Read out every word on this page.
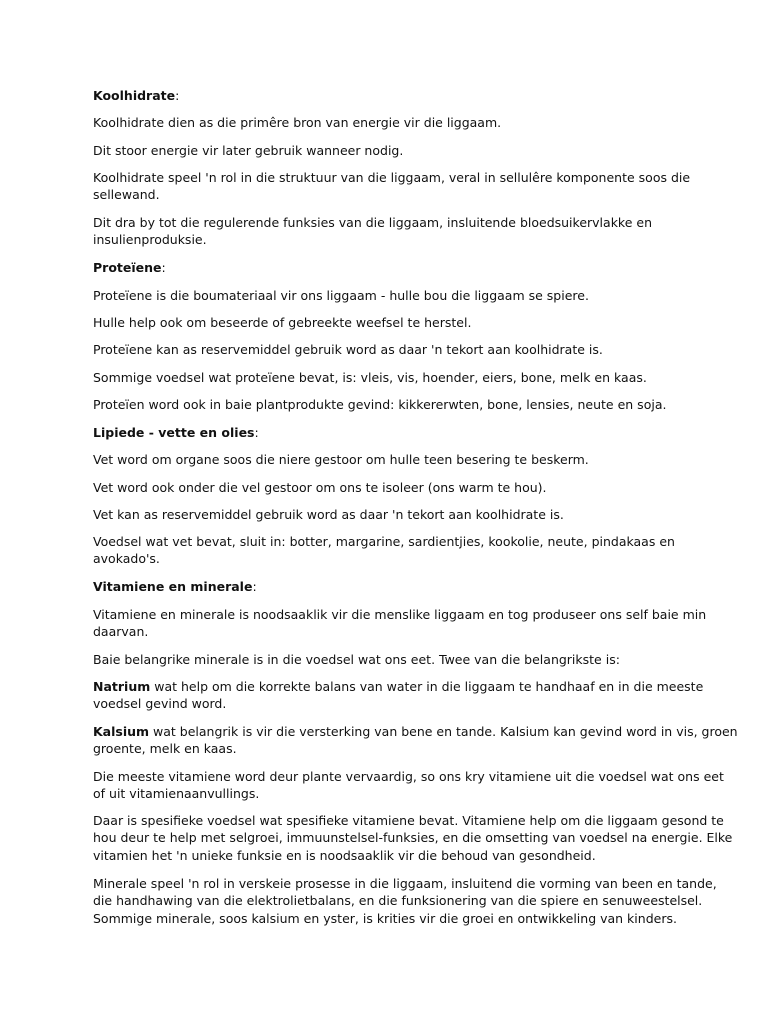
Koolhidrate:
Koolhidrate dien as die primêre bron van energie vir die liggaam.
Dit stoor energie vir later gebruik wanneer nodig.
Koolhidrate speel 'n rol in die struktuur van die liggaam, veral in sellulêre komponente soos die
sellewand.
Dit dra by tot die regulerende funksies van die liggaam, insluitende bloedsuikervlakke en
insulienproduksie.
Proteïene:
Proteïene is die boumateriaal vir ons liggaam - hulle bou die liggaam se spiere.
Hulle help ook om beseerde of gebreekte weefsel te herstel.
Proteïene kan as reservemiddel gebruik word as daar 'n tekort aan koolhidrate is.
Sommige voedsel wat proteïene bevat, is: vleis, vis, hoender, eiers, bone, melk en kaas.
Proteïen word ook in baie plantprodukte gevind: kikkererwten, bone, lensies, neute en soja.
Lipiede - vette en olies:
Vet word om organe soos die niere gestoor om hulle teen besering te beskerm.
Vet word ook onder die vel gestoor om ons te isoleer (ons warm te hou).
Vet kan as reservemiddel gebruik word as daar 'n tekort aan koolhidrate is.
Voedsel wat vet bevat, sluit in: botter, margarine, sardientjies, kookolie, neute, pindakaas en
avokado's.
Vitamiene en minerale:
Vitamiene en minerale is noodsaaklik vir die menslike liggaam en tog produseer ons self baie min
daarvan.
Baie belangrike minerale is in die voedsel wat ons eet. Twee van die belangrikste is:
Natrium wat help om die korrekte balans van water in die liggaam te handhaaf en in die meeste
voedsel gevind word.
Kalsium wat belangrik is vir die versterking van bene en tande. Kalsium kan gevind word in vis, groen
groente, melk en kaas.
Die meeste vitamiene word deur plante vervaardig, so ons kry vitamiene uit die voedsel wat ons eet
of uit vitamienaanvullings.
Daar is spesifieke voedsel wat spesifieke vitamiene bevat. Vitamiene help om die liggaam gesond te
hou deur te help met selgroei, immuunstelsel-funksies, en die omsetting van voedsel na energie. Elke
vitamien het 'n unieke funksie en is noodsaaklik vir die behoud van gesondheid.
Minerale speel 'n rol in verskeie prosesse in die liggaam, insluitend die vorming van been en tande,
die handhawing van die elektrolietbalans, en die funksionering van die spiere en senuweestelsel.
Sommige minerale, soos kalsium en yster, is krities vir die groei en ontwikkeling van kinders.
